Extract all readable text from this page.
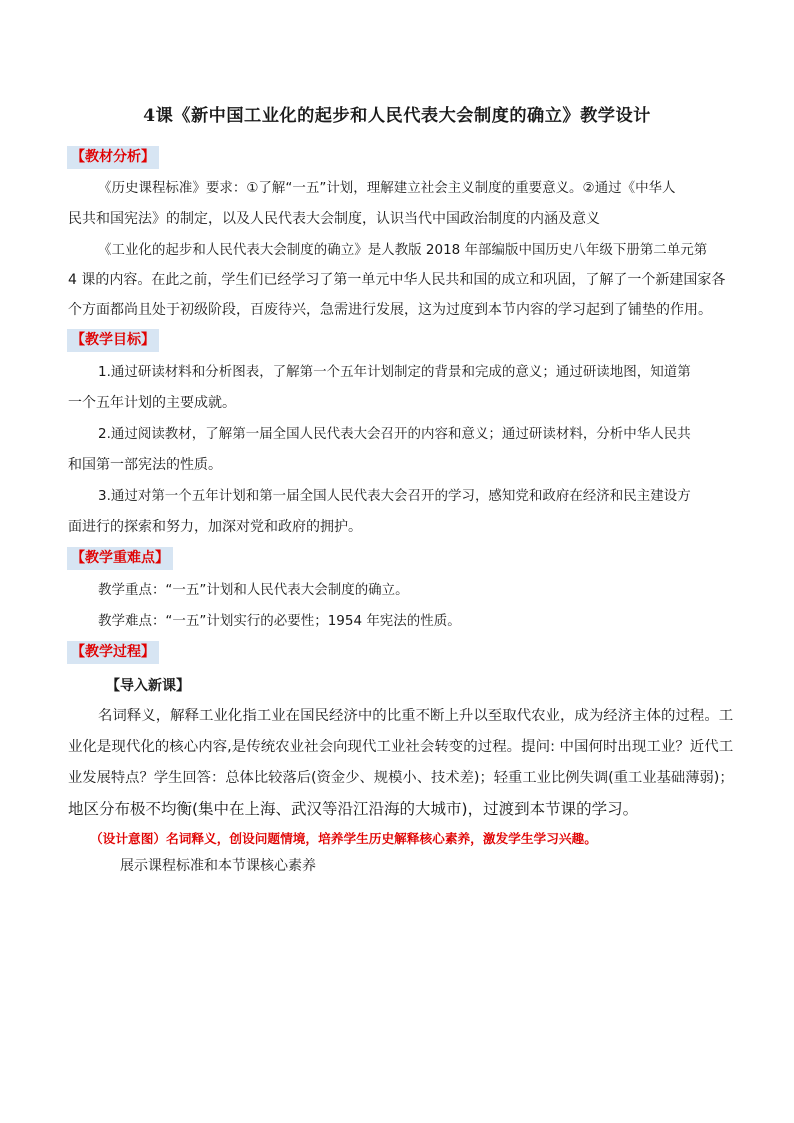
4课《新中国工业化的起步和人民代表大会制度的确立》教学设计
【教材分析】
《历史课程标准》要求：①了解“一五”计划，理解建立社会主义制度的重要意义。②通过《中华人
民共和国宪法》的制定，以及人民代表大会制度，认识当代中国政治制度的内涵及意义
《工业化的起步和人民代表大会制度的确立》是人教版 2018 年部编版中国历史八年级下册第二单元第
4 课的内容。在此之前，学生们已经学习了第一单元中华人民共和国的成立和巩固，了解了一个新建国家各
个方面都尚且处于初级阶段，百废待兴，急需进行发展，这为过度到本节内容的学习起到了铺垫的作用。
【教学目标】
1.通过研读材料和分析图表，了解第一个五年计划制定的背景和完成的意义；通过研读地图，知道第
一个五年计划的主要成就。
2.通过阅读教材，了解第一届全国人民代表大会召开的内容和意义；通过研读材料，分析中华人民共
和国第一部宪法的性质。
3.通过对第一个五年计划和第一届全国人民代表大会召开的学习，感知党和政府在经济和民主建设方
面进行的探索和努力，加深对党和政府的拥护。
【教学重难点】
教学重点：“一五”计划和人民代表大会制度的确立。
教学难点：“一五”计划实行的必要性；1954 年宪法的性质。
【教学过程】
【导入新课】
名词释义，解释工业化指工业在国民经济中的比重不断上升以至取代农业，成为经济主体的过程。工
业化是现代化的核心内容,是传统农业社会向现代工业社会转变的过程。提问: 中国何时出现工业？近代工
业发展特点？学生回答：总体比较落后(资金少、规模小、技术差)；轻重工业比例失调(重工业基础薄弱)；
地区分布极不均衡(集中在上海、武汉等沿江沿海的大城市)，过渡到本节课的学习。
（设计意图）名词释义，创设问题情境，培养学生历史解释核心素养，激发学生学习兴趣。
展示课程标准和本节课核心素养
